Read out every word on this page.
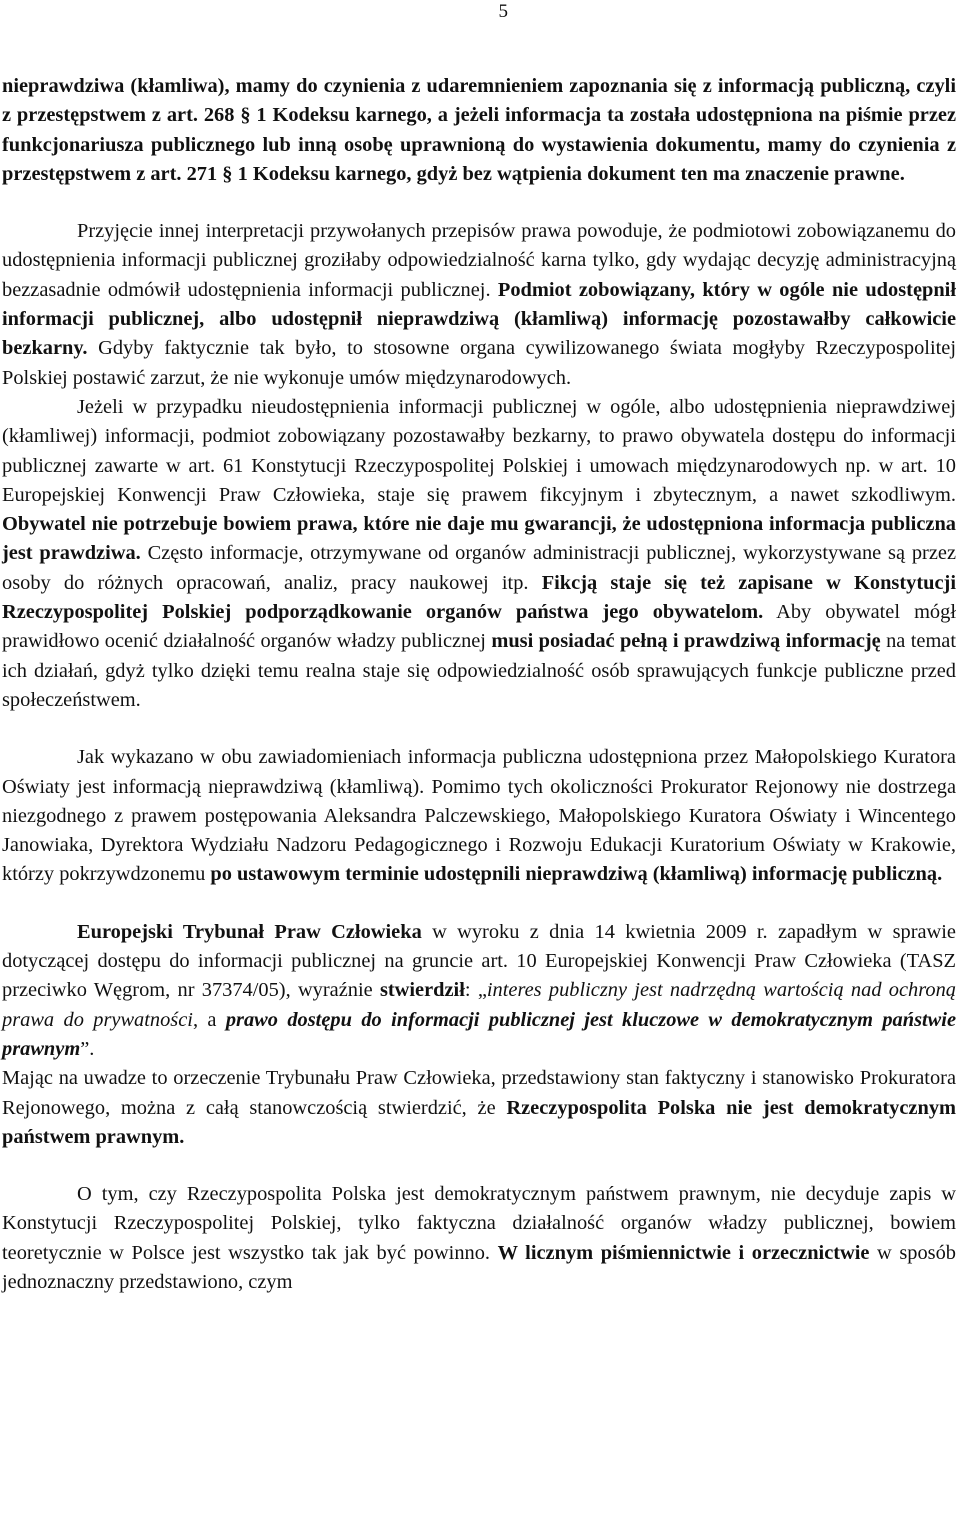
5

nieprawdziwa (kłamliwa), mamy do czynienia z udaremnieniem zapoznania się z informacją publiczną, czyli z przestępstwem z art. 268 § 1 Kodeksu karnego, a jeżeli informacja ta została udostępniona na piśmie przez funkcjonariusza publicznego lub inną osobę uprawnioną do wystawienia dokumentu, mamy do czynienia z przestępstwem z art. 271 § 1 Kodeksu karnego, gdyż bez wątpienia dokument ten ma znaczenie prawne.

Przyjęcie innej interpretacji przywołanych przepisów prawa powoduje, że podmiotowi zobowiązanemu do udostępnienia informacji publicznej groziłaby odpowiedzialność karna tylko, gdy wydając decyzję administracyjną bezzasadnie odmówił udostępnienia informacji publicznej. Podmiot zobowiązany, który w ogóle nie udostępnił informacji publicznej, albo udostępnił nieprawdziwą (kłamliwą) informację pozostawałby całkowicie bezkarny. Gdyby faktycznie tak było, to stosowne organa cywilizowanego świata mogłyby Rzeczypospolitej Polskiej postawić zarzut, że nie wykonuje umów międzynarodowych.

Jeżeli w przypadku nieudostępnienia informacji publicznej w ogóle, albo udostępnienia nieprawdziwej (kłamliwej) informacji, podmiot zobowiązany pozostawałby bezkarny, to prawo obywatela dostępu do informacji publicznej zawarte w art. 61 Konstytucji Rzeczypospolitej Polskiej i umowach międzynarodowych np. w art. 10 Europejskiej Konwencji Praw Człowieka, staje się prawem fikcyjnym i zbytecznym, a nawet szkodliwym. Obywatel nie potrzebuje bowiem prawa, które nie daje mu gwarancji, że udostępniona informacja publiczna jest prawdziwa. Często informacje, otrzymywane od organów administracji publicznej, wykorzystywane są przez osoby do różnych opracowań, analiz, pracy naukowej itp. Fikcją staje się też zapisane w Konstytucji Rzeczypospolitej Polskiej podporządkowanie organów państwa jego obywatelom. Aby obywatel mógł prawidłowo ocenić działalność organów władzy publicznej musi posiadać pełną i prawdziwą informację na temat ich działań, gdyż tylko dzięki temu realna staje się odpowiedzialność osób sprawujących funkcje publiczne przed społeczeństwem.

Jak wykazano w obu zawiadomieniach informacja publiczna udostępniona przez Małopolskiego Kuratora Oświaty jest informacją nieprawdziwą (kłamliwą). Pomimo tych okoliczności Prokurator Rejonowy nie dostrzega niezgodnego z prawem postępowania Aleksandra Palczewskiego, Małopolskiego Kuratora Oświaty i Wincentego Janowiaka, Dyrektora Wydziału Nadzoru Pedagogicznego i Rozwoju Edukacji Kuratorium Oświaty w Krakowie, którzy pokrzywdzonemu po ustawowym terminie udostępnili nieprawdziwą (kłamliwą) informację publiczną.

Europejski Trybunał Praw Człowieka w wyroku z dnia 14 kwietnia 2009 r. zapadłym w sprawie dotyczącej dostępu do informacji publicznej na gruncie art. 10 Europejskiej Konwencji Praw Człowieka (TASZ przeciwko Węgrom, nr 37374/05), wyraźnie stwierdził: „interes publiczny jest nadrzędną wartością nad ochroną prawa do prywatności, a prawo dostępu do informacji publicznej jest kluczowe w demokratycznym państwie prawnym”.

Mając na uwadze to orzeczenie Trybunału Praw Człowieka, przedstawiony stan faktyczny i stanowisko Prokuratora Rejonowego, można z całą stanowczością stwierdzić, że Rzeczypospolita Polska nie jest demokratycznym państwem prawnym.

O tym, czy Rzeczypospolita Polska jest demokratycznym państwem prawnym, nie decyduje zapis w Konstytucji Rzeczypospolitej Polskiej, tylko faktyczna działalność organów władzy publicznej, bowiem teoretycznie w Polsce jest wszystko tak jak być powinno. W licznym piśmiennictwie i orzecznictwie w sposób jednoznaczny przedstawiono, czym
